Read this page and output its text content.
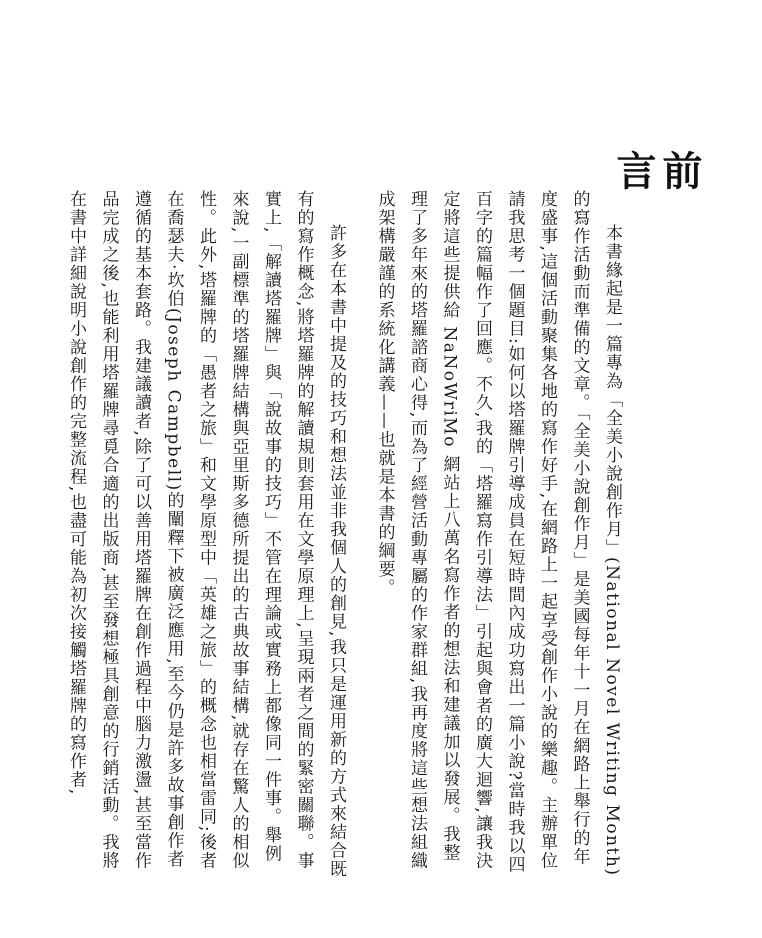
前言

本書緣起是一篇專為「全美小說創作月」(National Novel Writing Month)的寫作活動而準備的文章。「全美小說創作月」是美國每年十一月在網路上舉行的年度盛事,這個活動聚集各地的寫作好手,在網路上一起享受創作小說的樂趣。主辦單位請我思考一個題目:如何以塔羅牌引導成員在短時間內成功寫出一篇小說?當時我以四百字的篇幅作了回應。不久,我的「塔羅寫作引導法」引起與會者的廣大迴響,讓我決定將這些提供給 NaNoWriMo 網站上八萬名寫作者的想法和建議加以發展。我整理了多年來的塔羅諮商心得,而為了經營活動專屬的作家群組,我再度將這些想法組織成架構嚴謹的系統化講義——也就是本書的綱要。

許多在本書中提及的技巧和想法並非我個人的創見,我只是運用新的方式來結合既有的寫作概念,將塔羅牌的解讀規則套用在文學原理上,呈現兩者之間的緊密關聯。事實上,「解讀塔羅牌」與「說故事的技巧」不管在理論或實務上都像同一件事。舉例來說,一副標準的塔羅牌結構與亞里斯多德所提出的古典故事結構,就存在驚人的相似性。此外,塔羅牌的「愚者之旅」和文學原型中「英雄之旅」的概念也相當雷同;後者在喬瑟夫·坎伯(Joseph Campbell)的闡釋下被廣泛應用,至今仍是許多故事創作者遵循的基本套路。我建議讀者,除了可以善用塔羅牌在創作過程中腦力激盪,甚至當作品完成之後,也能利用塔羅牌尋覓合適的出版商,甚至發想極具創意的行銷活動。我將在書中詳細說明小說創作的完整流程,也盡可能為初次接觸塔羅牌的寫作者,
